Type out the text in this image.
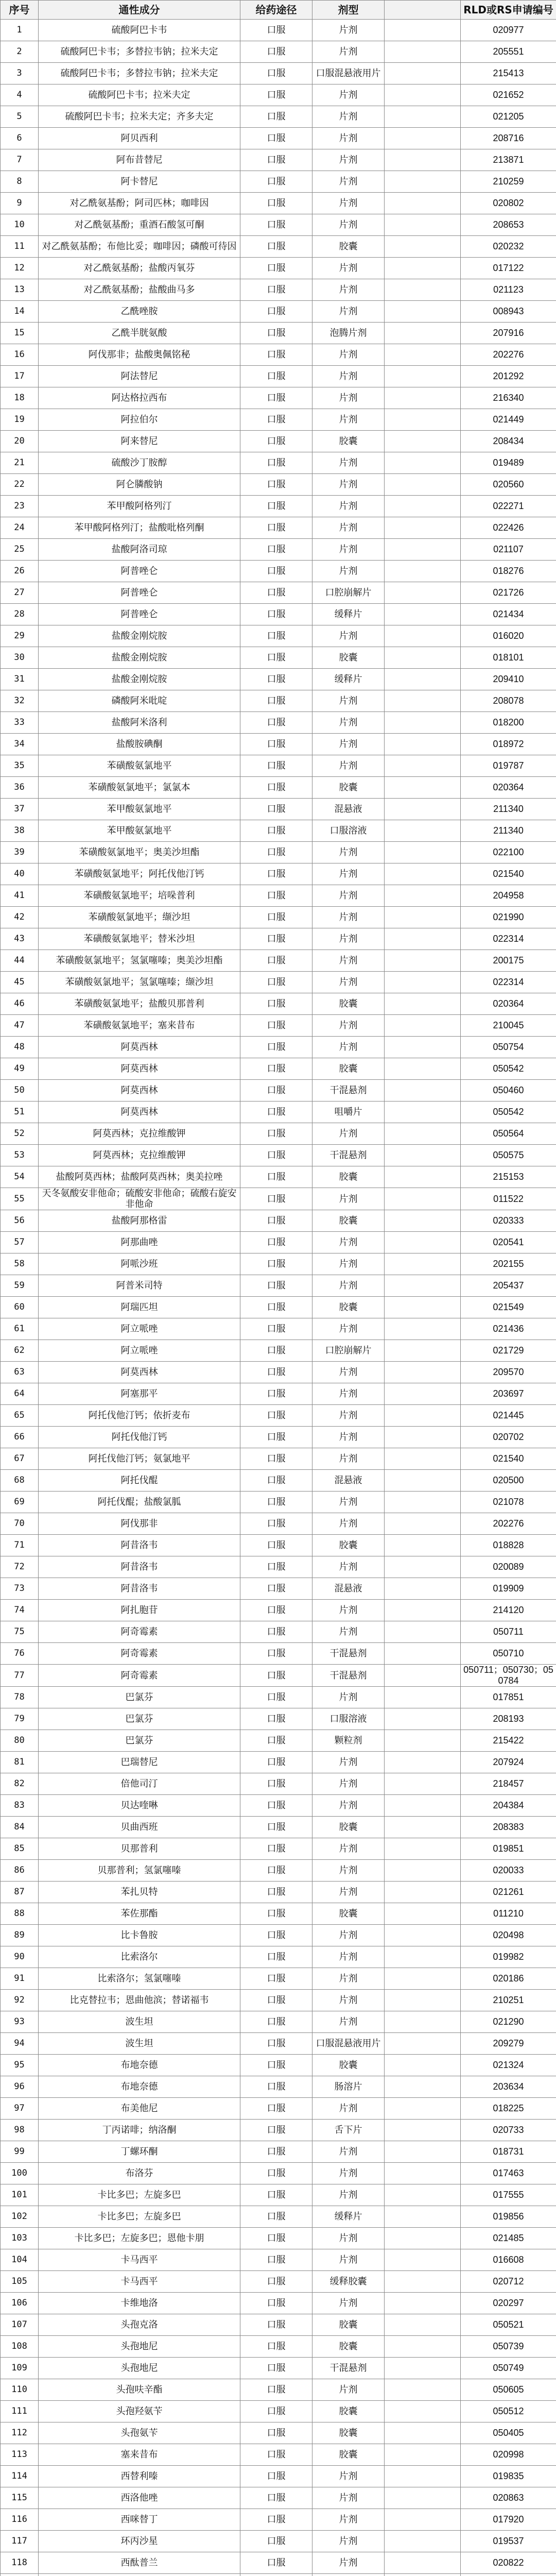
序号	通性成分	给药途径	剂型		RLD或RS申请编号
1	硫酸阿巴卡韦	口服	片剂		020977
2	硫酸阿巴卡韦；多替拉韦钠；拉米夫定	口服	片剂		205551
3	硫酸阿巴卡韦；多替拉韦钠；拉米夫定	口服	口服混悬液用片		215413
4	硫酸阿巴卡韦；拉米夫定	口服	片剂		021652
5	硫酸阿巴卡韦；拉米夫定；齐多夫定	口服	片剂		021205
6	阿贝西利	口服	片剂		208716
7	阿布昔替尼	口服	片剂		213871
8	阿卡替尼	口服	片剂		210259
9	对乙酰氨基酚；阿司匹林；咖啡因	口服	片剂		020802
10	对乙酰氨基酚；重酒石酸氢可酮	口服	片剂		208653
11	对乙酰氨基酚；布他比妥；咖啡因；磷酸可待因	口服	胶囊		020232
12	对乙酰氨基酚；盐酸丙氧芬	口服	片剂		017122
13	对乙酰氨基酚；盐酸曲马多	口服	片剂		021123
14	乙酰唑胺	口服	片剂		008943
15	乙酰半胱氨酸	口服	泡腾片剂		207916
16	阿伐那非；盐酸奥佩铭秘	口服	片剂		202276
17	阿法替尼	口服	片剂		201292
18	阿达格拉西布	口服	片剂		216340
19	阿拉伯尔	口服	片剂		021449
20	阿来替尼	口服	胶囊		208434
21	硫酸沙丁胺醇	口服	片剂		019489
22	阿仑膦酸钠	口服	片剂		020560
23	苯甲酸阿格列汀	口服	片剂		022271
24	苯甲酸阿格列汀；盐酸吡格列酮	口服	片剂		022426
25	盐酸阿洛司琼	口服	片剂		021107
26	阿普唑仑	口服	片剂		018276
27	阿普唑仑	口服	口腔崩解片		021726
28	阿普唑仑	口服	缓释片		021434
29	盐酸金刚烷胺	口服	片剂		016020
30	盐酸金刚烷胺	口服	胶囊		018101
31	盐酸金刚烷胺	口服	缓释片		209410
32	磷酸阿米吡啶	口服	片剂		208078
33	盐酸阿米洛利	口服	片剂		018200
34	盐酸胺碘酮	口服	片剂		018972
35	苯磺酸氨氯地平	口服	片剂		019787
36	苯磺酸氨氯地平；氯氯本	口服	胶囊		020364
37	苯甲酸氨氯地平	口服	混悬液		211340
38	苯甲酸氨氯地平	口服	口服溶液		211340
39	苯磺酸氨氯地平；奥美沙坦酯	口服	片剂		022100
40	苯磺酸氨氯地平；阿托伐他汀钙	口服	片剂		021540
41	苯磺酸氨氯地平；培哚普利	口服	片剂		204958
42	苯磺酸氨氯地平；缬沙坦	口服	片剂		021990
43	苯磺酸氨氯地平；替米沙坦	口服	片剂		022314
44	苯磺酸氨氯地平；氢氯噻嗪；奥美沙坦酯	口服	片剂		200175
45	苯磺酸氨氯地平；氢氯噻嗪；缬沙坦	口服	片剂		022314
46	苯磺酸氨氯地平；盐酸贝那普利	口服	胶囊		020364
47	苯磺酸氨氯地平；塞来昔布	口服	片剂		210045
48	阿莫西林	口服	片剂		050754
49	阿莫西林	口服	胶囊		050542
50	阿莫西林	口服	干混悬剂		050460
51	阿莫西林	口服	咀嚼片		050542
52	阿莫西林；克拉维酸钾	口服	片剂		050564
53	阿莫西林；克拉维酸钾	口服	干混悬剂		050575
54	盐酸阿莫西林；盐酸阿莫西林；奥美拉唑	口服	胶囊		215153
55	天冬氨酸安非他命；硫酸安非他命；硫酸右旋安非他命	口服	片剂		011522
56	盐酸阿那格雷	口服	胶囊		020333
57	阿那曲唑	口服	片剂		020541
58	阿哌沙班	口服	片剂		202155
59	阿普米司特	口服	片剂		205437
60	阿瑞匹坦	口服	胶囊		021549
61	阿立哌唑	口服	片剂		021436
62	阿立哌唑	口服	口腔崩解片		021729
63	阿莫西林	口服	片剂		209570
64	阿塞那平	口服	片剂		203697
65	阿托伐他汀钙；依折麦布	口服	片剂		021445
66	阿托伐他汀钙	口服	片剂		020702
67	阿托伐他汀钙；氨氯地平	口服	片剂		021540
68	阿托伐醌	口服	混悬液		020500
69	阿托伐醌；盐酸氯胍	口服	片剂		021078
70	阿伐那非	口服	片剂		202276
71	阿昔洛韦	口服	胶囊		018828
72	阿昔洛韦	口服	片剂		020089
73	阿昔洛韦	口服	混悬液		019909
74	阿扎胞苷	口服	片剂		214120
75	阿奇霉素	口服	片剂		050711
76	阿奇霉素	口服	干混悬剂		050710
77	阿奇霉素	口服	干混悬剂		050711；050730；050784
78	巴氯芬	口服	片剂		017851
79	巴氯芬	口服	口服溶液		208193
80	巴氯芬	口服	颗粒剂		215422
81	巴瑞替尼	口服	片剂		207924
82	倍他司汀	口服	片剂		218457
83	贝达喹啉	口服	片剂		204384
84	贝曲西班	口服	胶囊		208383
85	贝那普利	口服	片剂		019851
86	贝那普利；氢氯噻嗪	口服	片剂		020033
87	苯扎贝特	口服	片剂		021261
88	苯佐那酯	口服	胶囊		011210
89	比卡鲁胺	口服	片剂		020498
90	比索洛尔	口服	片剂		019982
91	比索洛尔；氢氯噻嗪	口服	片剂		020186
92	比克替拉韦；恩曲他滨；替诺福韦	口服	片剂		210251
93	波生坦	口服	片剂		021290
94	波生坦	口服	口服混悬液用片		209279
95	布地奈德	口服	胶囊		021324
96	布地奈德	口服	肠溶片		203634
97	布美他尼	口服	片剂		018225
98	丁丙诺啡；纳洛酮	口服	舌下片		020733
99	丁螺环酮	口服	片剂		018731
100	布洛芬	口服	片剂		017463
101	卡比多巴；左旋多巴	口服	片剂		017555
102	卡比多巴；左旋多巴	口服	缓释片		019856
103	卡比多巴；左旋多巴；恩他卡朋	口服	片剂		021485
104	卡马西平	口服	片剂		016608
105	卡马西平	口服	缓释胶囊		020712
106	卡维地洛	口服	片剂		020297
107	头孢克洛	口服	胶囊		050521
108	头孢地尼	口服	胶囊		050739
109	头孢地尼	口服	干混悬剂		050749
110	头孢呋辛酯	口服	片剂		050605
111	头孢羟氨苄	口服	胶囊		050512
112	头孢氨苄	口服	胶囊		050405
113	塞来昔布	口服	胶囊		020998
114	西替利嗪	口服	片剂		019835
115	西洛他唑	口服	片剂		020863
116	西咪替丁	口服	片剂		017920
117	环丙沙星	口服	片剂		019537
118	西酞普兰	口服	片剂		020822
